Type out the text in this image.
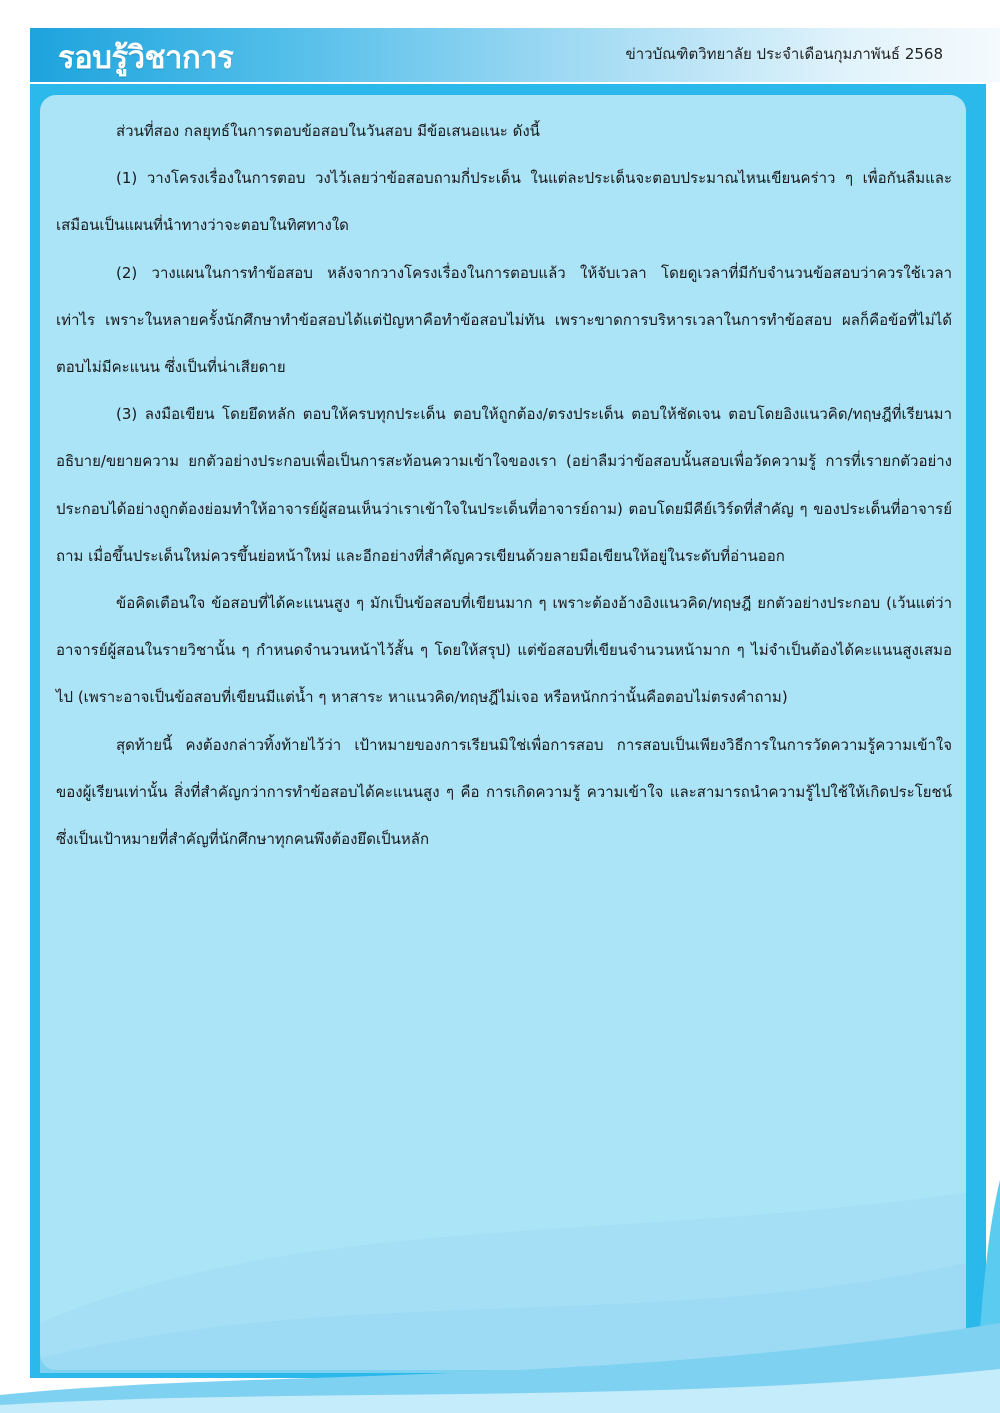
รอบรู้วิชาการ	ข่าวบัณฑิตวิทยาลัย ประจำเดือนกุมภาพันธ์ 2568

ส่วนที่สอง กลยุทธ์ในการตอบข้อสอบในวันสอบ มีข้อเสนอแนะ ดังนี้

(1) วางโครงเรื่องในการตอบ วงไว้เลยว่าข้อสอบถามกี่ประเด็น ในแต่ละประเด็นจะตอบประมาณไหนเขียนคร่าว ๆ เพื่อกันลืมและเสมือนเป็นแผนที่นำทางว่าจะตอบในทิศทางใด

(2) วางแผนในการทำข้อสอบ หลังจากวางโครงเรื่องในการตอบแล้ว ให้จับเวลา โดยดูเวลาที่มีกับจำนวนข้อสอบว่าควรใช้เวลาเท่าไร เพราะในหลายครั้งนักศึกษาทำข้อสอบได้แต่ปัญหาคือทำข้อสอบไม่ทัน เพราะขาดการบริหารเวลาในการทำข้อสอบ ผลก็คือข้อที่ไม่ได้ตอบไม่มีคะแนน ซึ่งเป็นที่น่าเสียดาย

(3) ลงมือเขียน โดยยึดหลัก ตอบให้ครบทุกประเด็น ตอบให้ถูกต้อง/ตรงประเด็น ตอบให้ชัดเจน ตอบโดยอิงแนวคิด/ทฤษฎีที่เรียนมา อธิบาย/ขยายความ ยกตัวอย่างประกอบเพื่อเป็นการสะท้อนความเข้าใจของเรา (อย่าลืมว่าข้อสอบนั้นสอบเพื่อวัดความรู้ การที่เรายกตัวอย่างประกอบได้อย่างถูกต้องย่อมทำให้อาจารย์ผู้สอนเห็นว่าเราเข้าใจในประเด็นที่อาจารย์ถาม) ตอบโดยมีคีย์เวิร์ดที่สำคัญ ๆ ของประเด็นที่อาจารย์ถาม เมื่อขึ้นประเด็นใหม่ควรขึ้นย่อหน้าใหม่ และอีกอย่างที่สำคัญควรเขียนด้วยลายมือเขียนให้อยู่ในระดับที่อ่านออก

ข้อคิดเตือนใจ ข้อสอบที่ได้คะแนนสูง ๆ มักเป็นข้อสอบที่เขียนมาก ๆ เพราะต้องอ้างอิงแนวคิด/ทฤษฎี ยกตัวอย่างประกอบ (เว้นแต่ว่าอาจารย์ผู้สอนในรายวิชานั้น ๆ กำหนดจำนวนหน้าไว้สั้น ๆ โดยให้สรุป) แต่ข้อสอบที่เขียนจำนวนหน้ามาก ๆ ไม่จำเป็นต้องได้คะแนนสูงเสมอไป (เพราะอาจเป็นข้อสอบที่เขียนมีแต่น้ำ ๆ หาสาระ หาแนวคิด/ทฤษฎีไม่เจอ หรือหนักกว่านั้นคือตอบไม่ตรงคำถาม)

สุดท้ายนี้ คงต้องกล่าวทิ้งท้ายไว้ว่า เป้าหมายของการเรียนมิใช่เพื่อการสอบ การสอบเป็นเพียงวิธีการในการวัดความรู้ความเข้าใจของผู้เรียนเท่านั้น สิ่งที่สำคัญกว่าการทำข้อสอบได้คะแนนสูง ๆ คือ การเกิดความรู้ ความเข้าใจ และสามารถนำความรู้ไปใช้ให้เกิดประโยชน์ซึ่งเป็นเป้าหมายที่สำคัญที่นักศึกษาทุกคนพึงต้องยึดเป็นหลัก
